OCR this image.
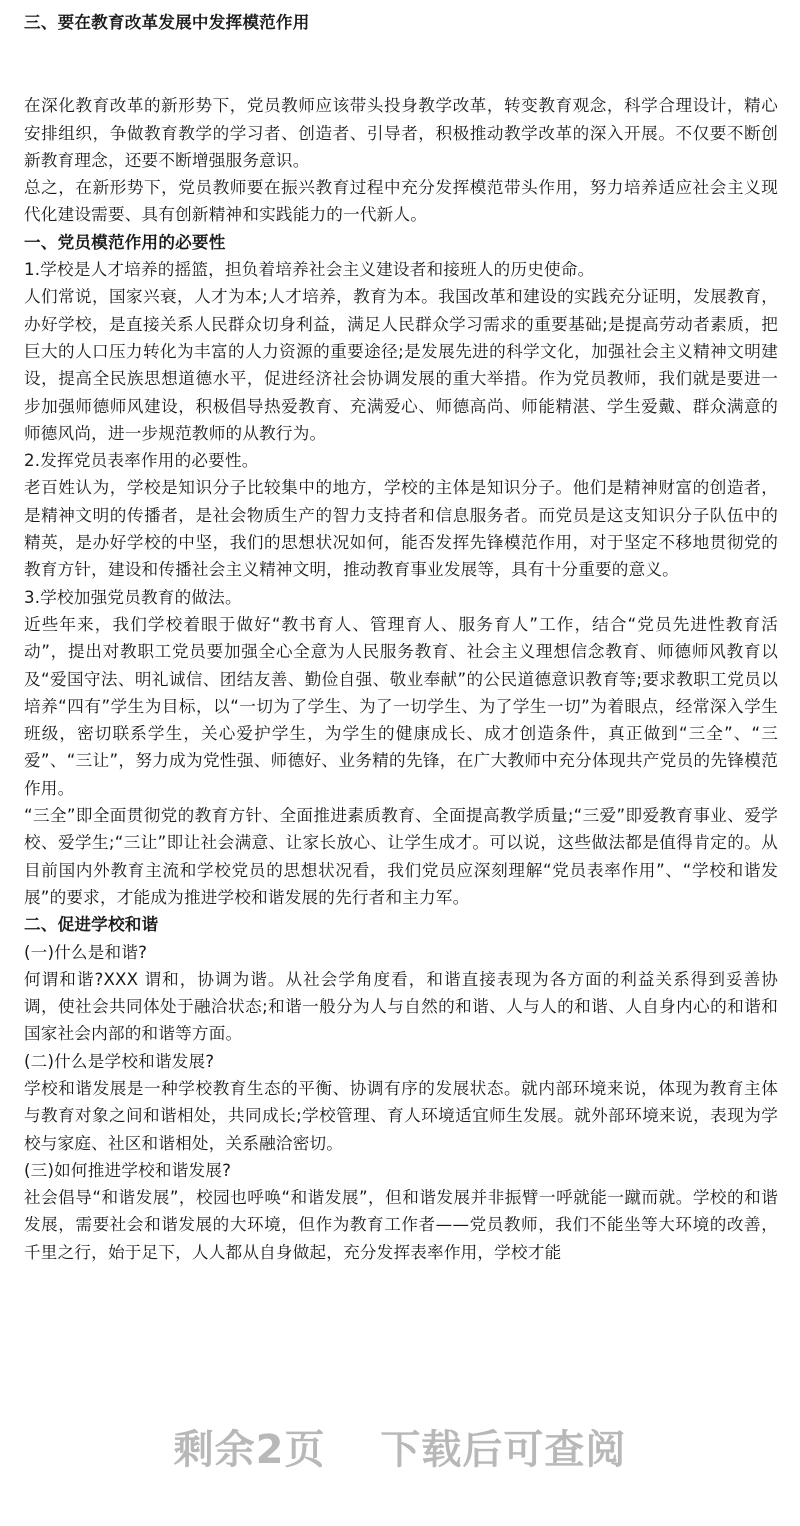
三、要在教育改革发展中发挥模范作用

在深化教育改革的新形势下，党员教师应该带头投身教学改革，转变教育观念，科学合理设计，精心安排组织，争做教育教学的学习者、创造者、引导者，积极推动教学改革的深入开展。不仅要不断创新教育理念，还要不断增强服务意识。

总之，在新形势下，党员教师要在振兴教育过程中充分发挥模范带头作用，努力培养适应社会主义现代化建设需要、具有创新精神和实践能力的一代新人。

一、党员模范作用的必要性

1.学校是人才培养的摇篮，担负着培养社会主义建设者和接班人的历史使命。

人们常说，国家兴衰，人才为本;人才培养，教育为本。我国改革和建设的实践充分证明，发展教育，办好学校，是直接关系人民群众切身利益，满足人民群众学习需求的重要基础;是提高劳动者素质，把巨大的人口压力转化为丰富的人力资源的重要途径;是发展先进的科学文化，加强社会主义精神文明建设，提高全民族思想道德水平，促进经济社会协调发展的重大举措。作为党员教师，我们就是要进一步加强师德师风建设，积极倡导热爱教育、充满爱心、师德高尚、师能精湛、学生爱戴、群众满意的师德风尚，进一步规范教师的从教行为。

2.发挥党员表率作用的必要性。

老百姓认为，学校是知识分子比较集中的地方，学校的主体是知识分子。他们是精神财富的创造者，是精神文明的传播者，是社会物质生产的智力支持者和信息服务者。而党员是这支知识分子队伍中的精英，是办好学校的中坚，我们的思想状况如何，能否发挥先锋模范作用，对于坚定不移地贯彻党的教育方针，建设和传播社会主义精神文明，推动教育事业发展等，具有十分重要的意义。

3.学校加强党员教育的做法。

近些年来，我们学校着眼于做好“教书育人、管理育人、服务育人”工作，结合“党员先进性教育活动”，提出对教职工党员要加强全心全意为人民服务教育、社会主义理想信念教育、师德师风教育以及“爱国守法、明礼诚信、团结友善、勤俭自强、敬业奉献”的公民道德意识教育等;要求教职工党员以培养“四有”学生为目标，以“一切为了学生、为了一切学生、为了学生一切”为着眼点，经常深入学生班级，密切联系学生，关心爱护学生，为学生的健康成长、成才创造条件，真正做到“三全”、“三爱”、“三让”，努力成为党性强、师德好、业务精的先锋，在广大教师中充分体现共产党员的先锋模范作用。

“三全”即全面贯彻党的教育方针、全面推进素质教育、全面提高教学质量;“三爱”即爱教育事业、爱学校、爱学生;“三让”即让社会满意、让家长放心、让学生成才。可以说，这些做法都是值得肯定的。从目前国内外教育主流和学校党员的思想状况看，我们党员应深刻理解“党员表率作用”、“学校和谐发展”的要求，才能成为推进学校和谐发展的先行者和主力军。

二、促进学校和谐

(一)什么是和谐?

何谓和谐?XXX 谓和，协调为谐。从社会学角度看，和谐直接表现为各方面的利益关系得到妥善协调，使社会共同体处于融洽状态;和谐一般分为人与自然的和谐、人与人的和谐、人自身内心的和谐和国家社会内部的和谐等方面。

(二)什么是学校和谐发展?

学校和谐发展是一种学校教育生态的平衡、协调有序的发展状态。就内部环境来说，体现为教育主体与教育对象之间和谐相处，共同成长;学校管理、育人环境适宜师生发展。就外部环境来说，表现为学校与家庭、社区和谐相处，关系融洽密切。

(三)如何推进学校和谐发展?

社会倡导“和谐发展”，校园也呼唤“和谐发展”，但和谐发展并非振臂一呼就能一蹴而就。学校的和谐发展，需要社会和谐发展的大环境，但作为教育工作者——党员教师，我们不能坐等大环境的改善，千里之行，始于足下，人人都从自身做起，充分发挥表率作用，学校才能

剩余2页 下载后可查阅
